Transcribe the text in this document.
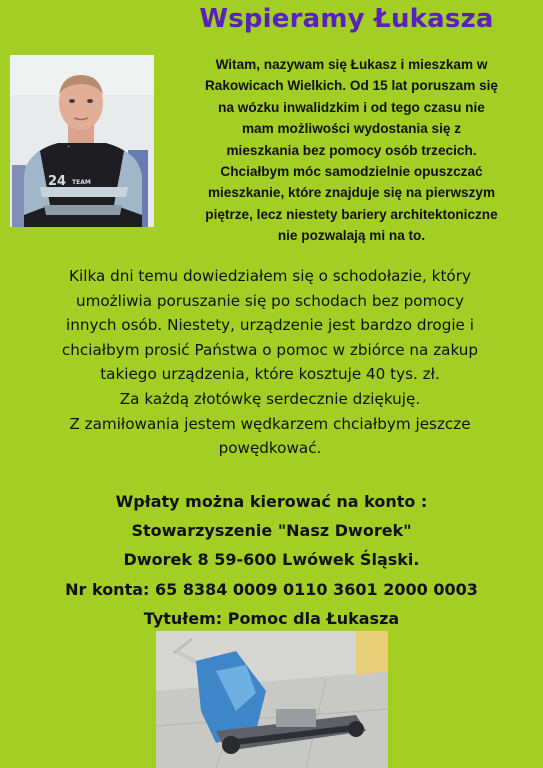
Wspieramy Łukasza
24 TEAM
Witam, nazywam się Łukasz i mieszkam w
Rakowicach Wielkich. Od 15 lat poruszam się
na wózku inwalidzkim i od tego czasu nie
mam możliwości wydostania się z
mieszkania bez pomocy osób trzecich.
Chciałbym móc samodzielnie opuszczać
mieszkanie, które znajduje się na pierwszym
piętrze, lecz niestety bariery architektoniczne
nie pozwalają mi na to.

Kilka dni temu dowiedziałem się o schodołazie, który

umożliwia poruszanie się po schodach bez pomocy

innych osób. Niestety, urządzenie jest bardzo drogie i

chciałbym prosić Państwa o pomoc w zbiórce na zakup

takiego urządzenia, które kosztuje 40 tys. zł.

Za każdą złotówkę serdecznie dziękuję.

Z zamiłowania jestem wędkarzem chciałbym jeszcze

powędkować.

Wpłaty można kierować na konto :

Stowarzyszenie "Nasz Dworek"

Dworek 8 59-600 Lwówek Śląski.

Nr konta: 65 8384 0009 0110 3601 2000 0003

Tytułem: Pomoc dla Łukasza
